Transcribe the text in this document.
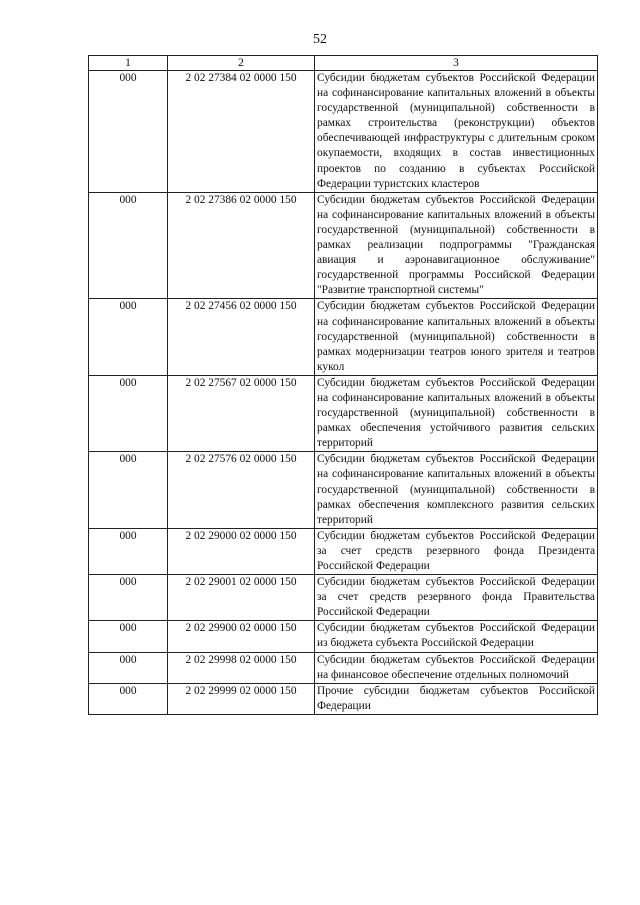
52
1	2	3
000	2 02 27384 02 0000 150	Субсидии бюджетам субъектов Российской Федерации на софинансирование капитальных вложений в объекты государственной (муниципальной) собственности в рамках строительства (реконструкции) объектов обеспечивающей инфраструктуры с длительным сроком окупаемости, входящих в состав инвестиционных проектов по созданию в субъектах Российской Федерации туристских кластеров
000	2 02 27386 02 0000 150	Субсидии бюджетам субъектов Российской Федерации на софинансирование капитальных вложений в объекты государственной (муниципальной) собственности в рамках реализации подпрограммы "Гражданская авиация и аэронавигационное обслуживание" государственной программы Российской Федерации "Развитие транспортной системы"
000	2 02 27456 02 0000 150	Субсидии бюджетам субъектов Российской Федерации на софинансирование капитальных вложений в объекты государственной (муниципальной) собственности в рамках модернизации театров юного зрителя и театров кукол
000	2 02 27567 02 0000 150	Субсидии бюджетам субъектов Российской Федерации на софинансирование капитальных вложений в объекты государственной (муниципальной) собственности в рамках обеспечения устойчивого развития сельских территорий
000	2 02 27576 02 0000 150	Субсидии бюджетам субъектов Российской Федерации на софинансирование капитальных вложений в объекты государственной (муниципальной) собственности в рамках обеспечения комплексного развития сельских территорий
000	2 02 29000 02 0000 150	Субсидии бюджетам субъектов Российской Федерации за счет средств резервного фонда Президента Российской Федерации
000	2 02 29001 02 0000 150	Субсидии бюджетам субъектов Российской Федерации за счет средств резервного фонда Правительства Российской Федерации
000	2 02 29900 02 0000 150	Субсидии бюджетам субъектов Российской Федерации из бюджета субъекта Российской Федерации
000	2 02 29998 02 0000 150	Субсидии бюджетам субъектов Российской Федерации на финансовое обеспечение отдельных полномочий
000	2 02 29999 02 0000 150	Прочие субсидии бюджетам субъектов Российской Федерации
